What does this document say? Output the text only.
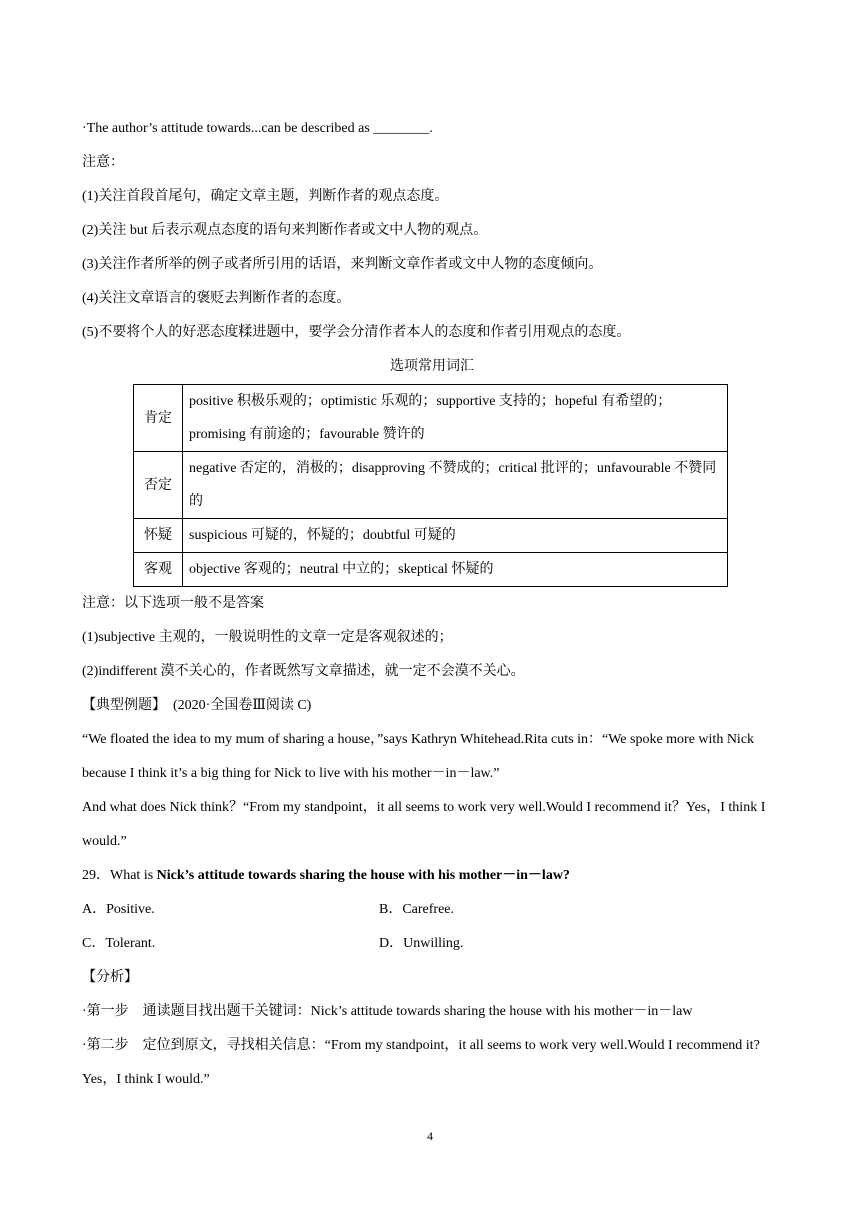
·The author’s attitude towards...can be described as ________.
注意：
(1)关注首段首尾句，确定文章主题，判断作者的观点态度。
(2)关注 but 后表示观点态度的语句来判断作者或文中人物的观点。
(3)关注作者所举的例子或者所引用的话语，来判断文章作者或文中人物的态度倾向。
(4)关注文章语言的褒贬去判断作者的态度。
(5)不要将个人的好恶态度糅进题中，要学会分清作者本人的态度和作者引用观点的态度。
选项常用词汇
肯定	positive 积极乐观的；optimistic 乐观的；supportive 支持的；hopeful 有希望的；promising 有前途的；favourable 赞许的
否定	negative 否定的，消极的；disapproving 不赞成的；critical 批评的；unfavourable 不赞同的
怀疑	suspicious 可疑的，怀疑的；doubtful 可疑的
客观	objective 客观的；neutral 中立的；skeptical 怀疑的
注意：以下选项一般不是答案
(1)subjective 主观的，一般说明性的文章一定是客观叙述的；
(2)indifferent 漠不关心的，作者既然写文章描述，就一定不会漠不关心。
【典型例题】　(2020·全国卷Ⅲ阅读 C)
“We floated the idea to my mum of sharing a house，”says Kathryn Whitehead.Rita cuts in：“We spoke more with Nick because I think it’s a big thing for Nick to live with his mother－in－law.”
And what does Nick think？“From my standpoint，it all seems to work very well.Would I recommend it？Yes，I think I would.”
29．What is Nick’s attitude towards sharing the house with his mother－in－law?
A．Positive.	B．Carefree.
C．Tolerant.	D．Unwilling.
【分析】
·第一步　通读题目找出题干关键词：Nick’s attitude towards sharing the house with his mother－in－law
·第二步　定位到原文，寻找相关信息：“From my standpoint，it all seems to work very well.Would I recommend it? Yes，I think I would.”
4
